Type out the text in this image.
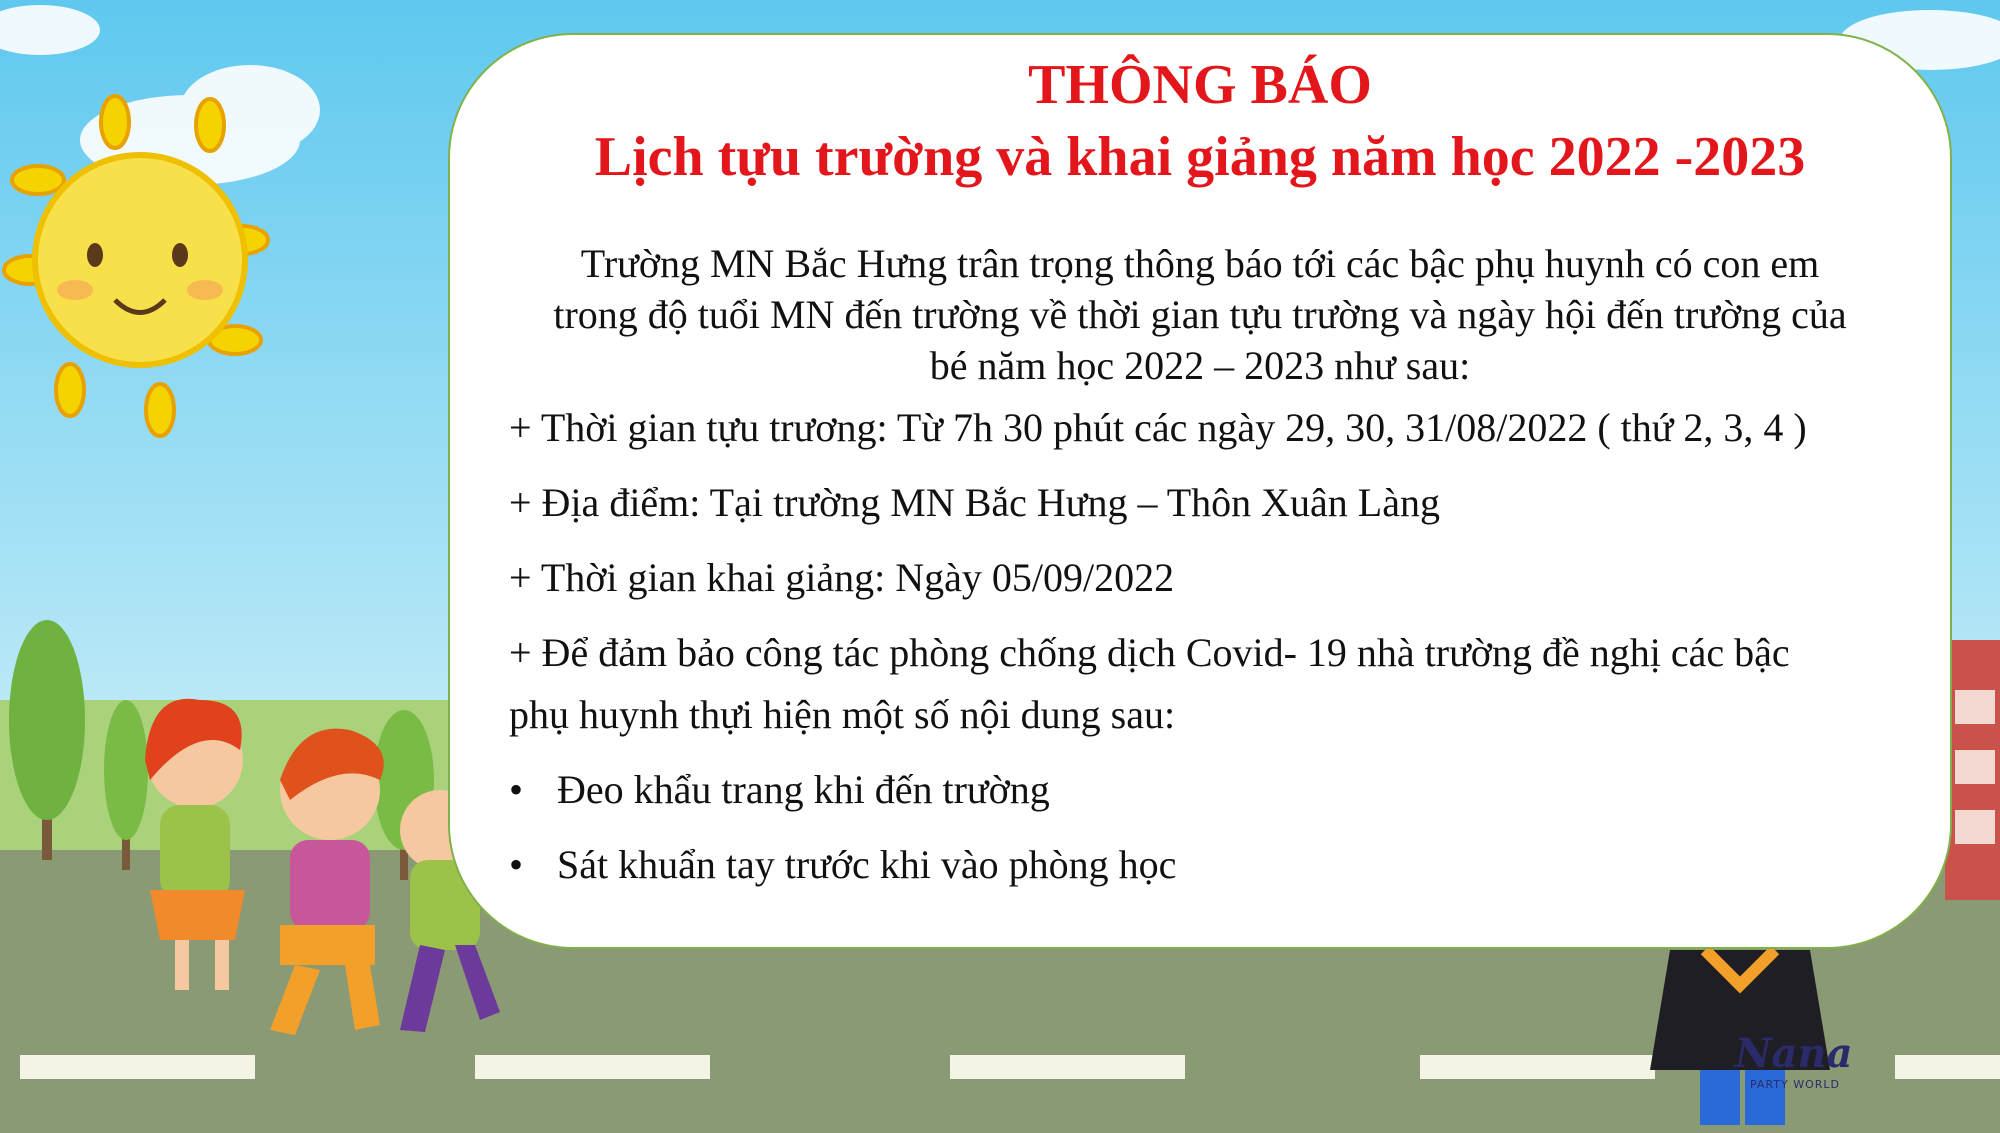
THÔNG BÁO

Lịch tựu trường và khai giảng năm học 2022 -2023

Trường MN Bắc Hưng trân trọng thông báo tới các bậc phụ huynh có con em
trong độ tuổi MN đến trường về thời gian tựu trường và ngày hội đến trường của
bé năm học 2022 – 2023 như sau:

+ Thời gian tựu trương: Từ 7h 30 phút các ngày 29, 30, 31/08/2022 ( thứ 2, 3, 4 )

+ Địa điểm: Tại trường MN Bắc Hưng – Thôn Xuân Làng

+ Thời gian khai giảng: Ngày 05/09/2022

+ Để đảm bảo công tác phòng chống dịch Covid- 19 nhà trường đề nghị các bậc

phụ huynh thựi hiện một số nội dung sau:

• Đeo khẩu trang khi đến trường
• Sát khuẩn tay trước khi vào phòng học
Nana
PARTY WORLD
